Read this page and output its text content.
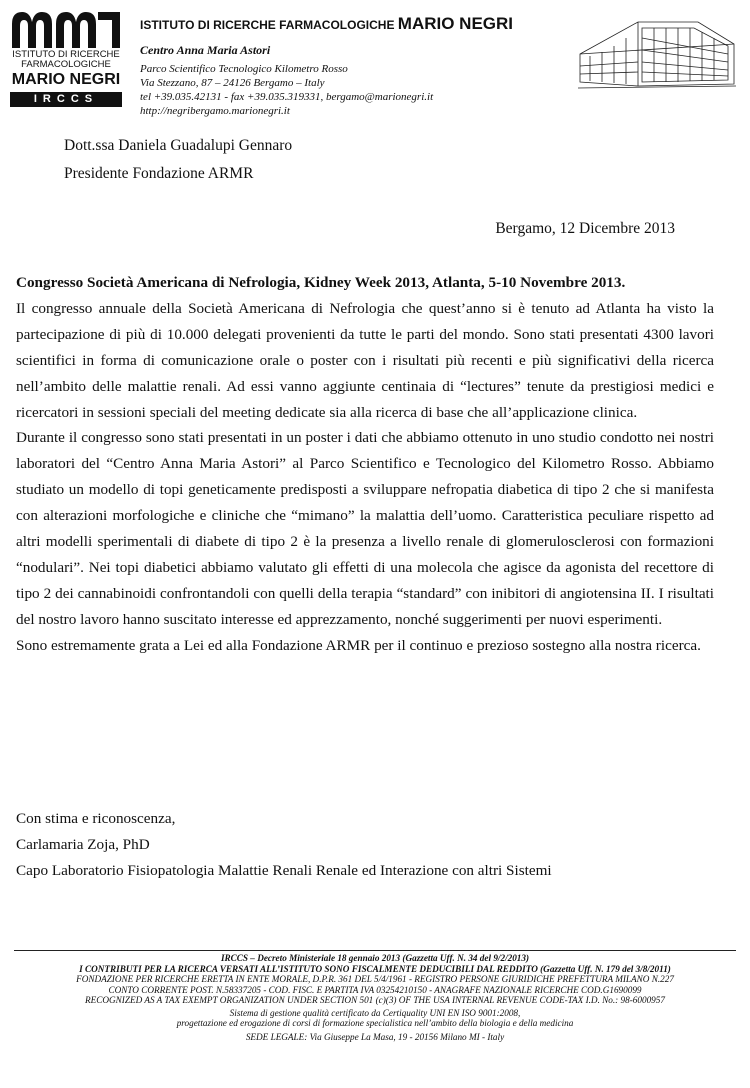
ISTITUTO DI RICERCHE
FARMACOLOGICHE
MARIO NEGRI
IRCCS
ISTITUTO DI RICERCHE FARMACOLOGICHE MARIO NEGRI
Centro Anna Maria Astori
Parco Scientifico Tecnologico Kilometro Rosso
Via Stezzano, 87 – 24126 Bergamo – Italy
tel +39.035.42131 - fax +39.035.319331, bergamo@marionegri.it
http://negribergamo.marionegri.it
Dott.ssa Daniela Guadalupi Gennaro
Presidente Fondazione ARMR
Bergamo, 12 Dicembre 2013
Congresso Società Americana di Nefrologia, Kidney Week 2013, Atlanta, 5-10 Novembre 2013.

Il congresso annuale della Società Americana di Nefrologia che quest’anno si è tenuto ad Atlanta ha visto la partecipazione di più di 10.000 delegati provenienti da tutte le parti del mondo. Sono stati presentati 4300 lavori scientifici in forma di comunicazione orale o poster con i risultati più recenti e più significativi della ricerca nell’ambito delle malattie renali. Ad essi vanno aggiunte centinaia di “lectures” tenute da prestigiosi medici e ricercatori in sessioni speciali del meeting dedicate sia alla ricerca di base che all’applicazione clinica.

Durante il congresso sono stati presentati in un poster i dati che abbiamo ottenuto in uno studio condotto nei nostri laboratori del “Centro Anna Maria Astori” al Parco Scientifico e Tecnologico del Kilometro Rosso. Abbiamo studiato un modello di topi geneticamente predisposti a sviluppare nefropatia diabetica di tipo 2 che si manifesta con alterazioni morfologiche e cliniche che “mimano” la malattia dell’uomo. Caratteristica peculiare rispetto ad altri modelli sperimentali di diabete di tipo 2 è la presenza a livello renale di glomerulosclerosi con formazioni “nodulari”. Nei topi diabetici abbiamo valutato gli effetti di una molecola che agisce da agonista del recettore di tipo 2 dei cannabinoidi confrontandoli con quelli della terapia “standard” con inibitori di angiotensina II. I risultati del nostro lavoro hanno suscitato interesse ed apprezzamento, nonché suggerimenti per nuovi esperimenti.

Sono estremamente grata a Lei ed alla Fondazione ARMR per il continuo e prezioso sostegno alla nostra ricerca.

Con stima e riconoscenza,
Carlamaria Zoja, PhD
Capo Laboratorio Fisiopatologia Malattie Renali Renale ed Interazione con altri Sistemi
IRCCS – Decreto Ministeriale 18 gennaio 2013 (Gazzetta Uff. N. 34 del 9/2/2013)
I CONTRIBUTI PER LA RICERCA VERSATI ALL’ISTITUTO SONO FISCALMENTE DEDUCIBILI DAL REDDITO (Gazzetta Uff. N. 179 del 3/8/2011)
FONDAZIONE PER RICERCHE ERETTA IN ENTE MORALE, D.P.R. 361 DEL 5/4/1961 - REGISTRO PERSONE GIURIDICHE PREFETTURA MILANO N.227
CONTO CORRENTE POST. N.58337205 - COD. FISC. E PARTITA IVA 03254210150 - ANAGRAFE NAZIONALE RICERCHE COD.G1690099
RECOGNIZED AS A TAX EXEMPT ORGANIZATION UNDER SECTION 501 (c)(3) OF THE USA INTERNAL REVENUE CODE-TAX I.D. No.: 98-6000957
Sistema di gestione qualità certificato da Certiquality UNI EN ISO 9001:2008,
progettazione ed erogazione di corsi di formazione specialistica nell’ambito della biologia e della medicina
SEDE LEGALE: Via Giuseppe La Masa, 19 - 20156 Milano MI - Italy
